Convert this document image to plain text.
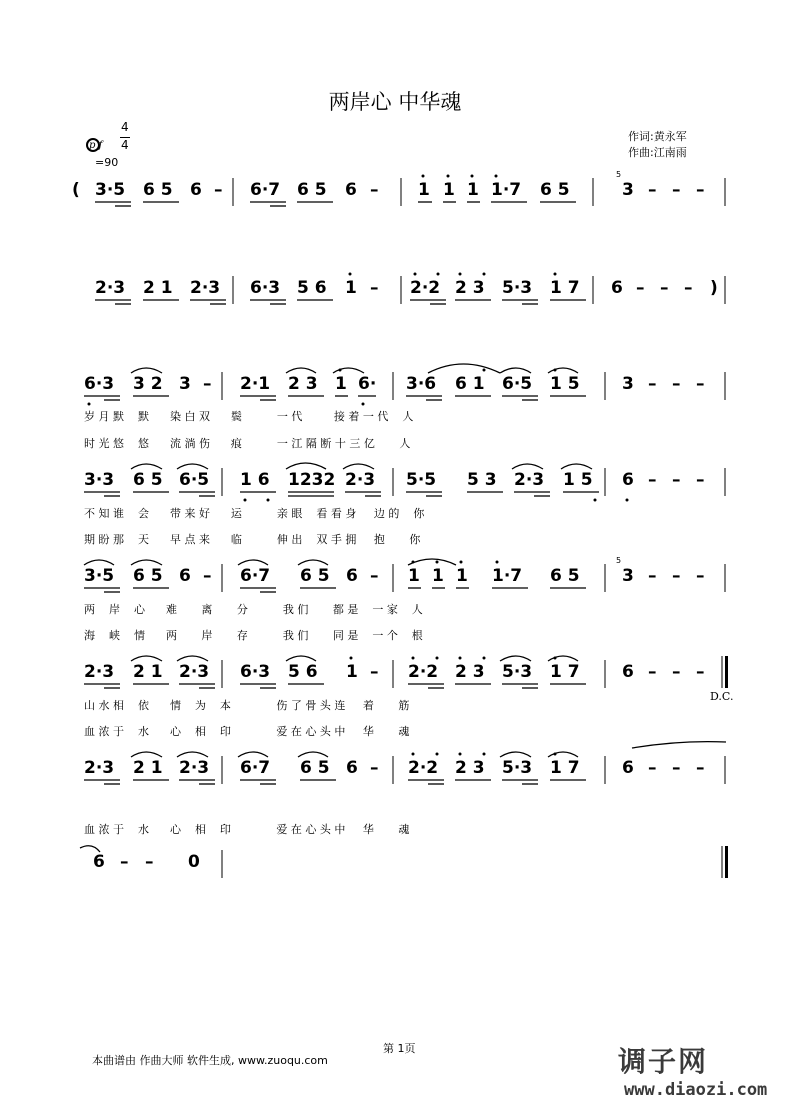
两岸心 中华魂
作词:黄永军
作曲:江南雨
4
4
p f
=90
( 3·5 6 5 6 – 6·7 6 5 6 – 1 1 1 1·7 6 5	3 – – –
2·3 2 1 2·3 6·3 5 6 1 – 2·2 2 3 5·3 1 7 6 – – – )
6·3 3 2 3 – 2·1 2 3 1 6· 3·6 6 1 6·5 1 5 3 – – –
3·3 6 5 6·5 1 6 1232 2·3 5·5 5 3 2·3 1 5 6 – – –
3·5 6 5 6 – 6·7 6 5 6 – 1 1 1 1·7 6 5 3 – – –
2·3 2 1 2·3 6·3 5 6 1 – 2·2 2 3 5·3 1 7 6 – – –
2·3 2 1 2·3 6·7 6 5 6 – 2·2 2 3 5·3 1 7 6 – – –
6 – – 0
岁 月 默    默      染 白 双      鬓          一 代         接 着 一 代    人
时 光 悠    悠      流 淌 伤      痕          一 江 隔 断 十 三 亿       人
不 知 谁    会      带 来 好      运          亲 眼    看 看 身     边 的    你
期 盼 那    天      早 点 来      临          伸 出    双 手 拥     抱       你
两    岸    心      难       离       分          我 们       都 是    一 家    人
海    峡    情      两       岸       存          我 们       同 是    一 个    根
山 水 相    依      情    为    本             伤 了 骨 头 连     着       筋
血 浓 于    水      心    相    印             爱 在 心 头 中     华       魂
血 浓 于    水      心    相    印             爱 在 心 头 中     华       魂
D.C.
5
5
第 1页
本曲谱由 作曲大师 软件生成, www.zuoqu.com	调子网
www.diaozi.com
